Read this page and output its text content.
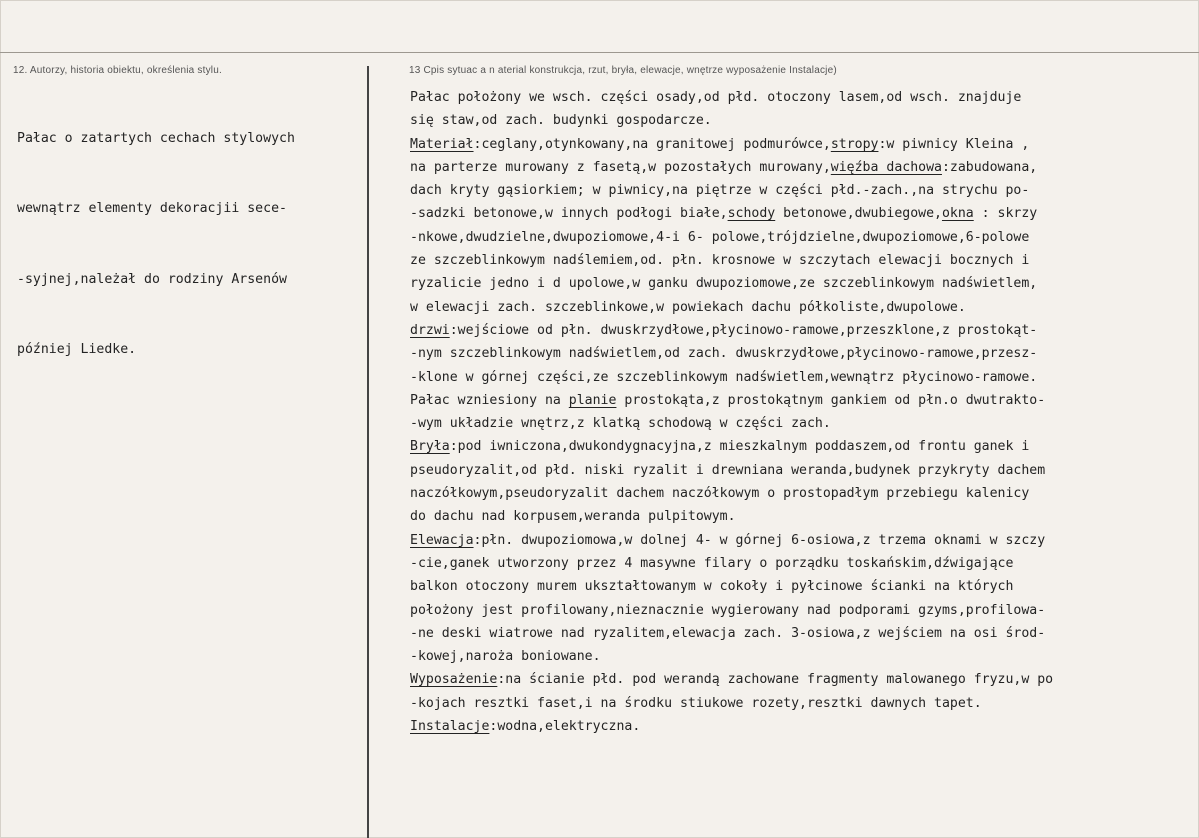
12. Autorzy, historia obiektu, określenia stylu.	13 Cpis sytuac a n aterial konstrukcja, rzut, bryła, elewacje, wnętrze wyposażenie Instalacje)

Pałac o zatartych cechach stylowych

wewnątrz elementy dekoracjii sece-

-syjnej,należał do rodziny Arsenów

później Liedke.

Pałac położony we wsch. części osady,od płd. otoczony lasem,od wsch. znajduje
się staw,od zach. budynki gospodarcze.
Materiał:ceglany,otynkowany,na granitowej podmurówce,stropy:w piwnicy Kleina ,
na parterze murowany z fasetą,w pozostałych murowany,więźba dachowa:zabudowana,
dach kryty gąsiorkiem; w piwnicy,na piętrze w części płd.-zach.,na strychu po-
-sadzki betonowe,w innych podłogi białe,schody betonowe,dwubiegowe,okna : skrzy
-nkowe,dwudzielne,dwupoziomowe,4-i 6- polowe,trójdzielne,dwupoziomowe,6-polowe
ze szczeblinkowym nadślemiem,od. płn. krosnowe w szczytach elewacji bocznych i
ryzalicie jedno i d upolowe,w ganku dwupoziomowe,ze szczeblinkowym nadświetlem,
w elewacji zach. szczeblinkowe,w powiekach dachu półkoliste,dwupolowe.
drzwi:wejściowe od płn. dwuskrzydłowe,płycinowo-ramowe,przeszklone,z prostokąt-
-nym szczeblinkowym nadświetlem,od zach. dwuskrzydłowe,płycinowo-ramowe,przesz-
-klone w górnej części,ze szczeblinkowym nadświetlem,wewnątrz płycinowo-ramowe.
Pałac wzniesiony na planie prostokąta,z prostokątnym gankiem od płn.o dwutrakto-
-wym układzie wnętrz,z klatką schodową w części zach.
Bryła:pod iwniczona,dwukondygnacyjna,z mieszkalnym poddaszem,od frontu ganek i
pseudoryzalit,od płd. niski ryzalit i drewniana weranda,budynek przykryty dachem
naczółkowym,pseudoryzalit dachem naczółkowym o prostopadłym przebiegu kalenicy
do dachu nad korpusem,weranda pulpitowym.
Elewacja:płn. dwupoziomowa,w dolnej 4- w górnej 6-osiowa,z trzema oknami w szczy
-cie,ganek utworzony przez 4 masywne filary o porządku toskańskim,dźwigające
balkon otoczony murem ukształtowanym w cokoły i pyłcinowe ścianki na których
położony jest profilowany,nieznacznie wygierowany nad podporami gzyms,profilowa-
-ne deski wiatrowe nad ryzalitem,elewacja zach. 3-osiowa,z wejściem na osi środ-
-kowej,naroża boniowane.
Wyposażenie:na ścianie płd. pod werandą zachowane fragmenty malowanego fryzu,w po
-kojach resztki faset,i na środku stiukowe rozety,resztki dawnych tapet.
Instalacje:wodna,elektryczna.
